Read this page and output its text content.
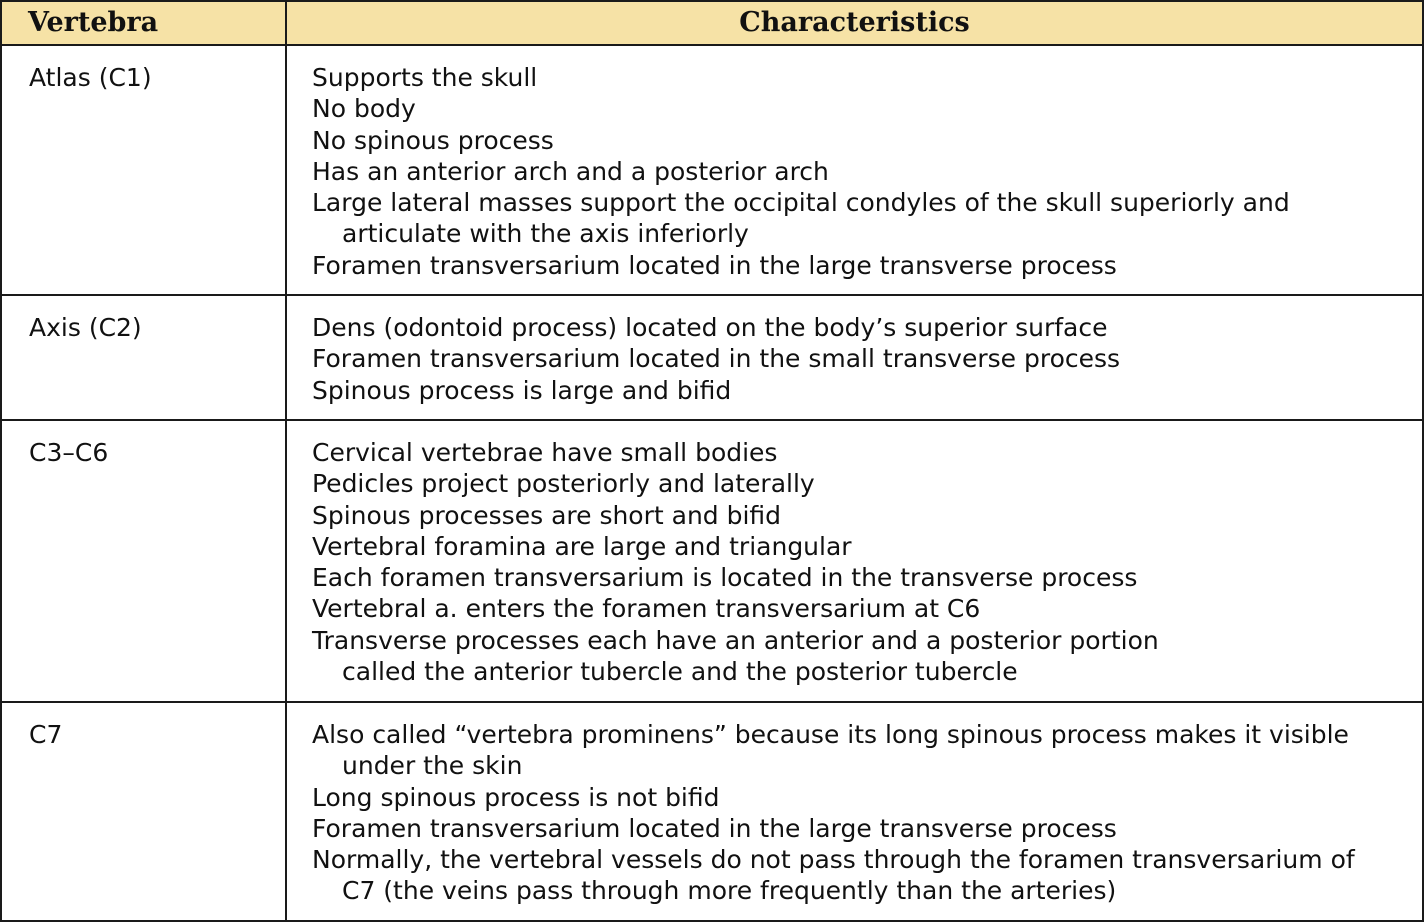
Vertebra	Characteristics
Atlas (C1)	Supports the skull
No body
No spinous process
Has an anterior arch and a posterior arch
Large lateral masses support the occipital condyles of the skull superiorly and
articulate with the axis inferiorly
Foramen transversarium located in the large transverse process
Axis (C2)	Dens (odontoid process) located on the body’s superior surface
Foramen transversarium located in the small transverse process
Spinous process is large and bifid
C3–C6	Cervical vertebrae have small bodies
Pedicles project posteriorly and laterally
Spinous processes are short and bifid
Vertebral foramina are large and triangular
Each foramen transversarium is located in the transverse process
Vertebral a. enters the foramen transversarium at C6
Transverse processes each have an anterior and a posterior portion
called the anterior tubercle and the posterior tubercle
C7	Also called “vertebra prominens” because its long spinous process makes it visible
under the skin
Long spinous process is not bifid
Foramen transversarium located in the large transverse process
Normally, the vertebral vessels do not pass through the foramen transversarium of
C7 (the veins pass through more frequently than the arteries)
